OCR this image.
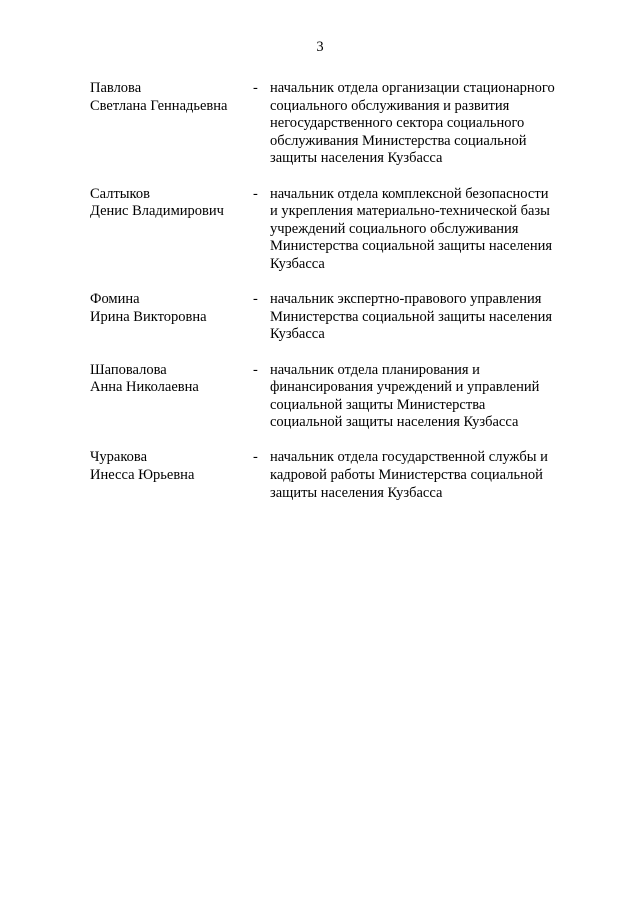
3
Павлова
Светлана Геннадьевна
- начальник отдела организации стационарного
социального обслуживания и развития
негосударственного сектора социального
обслуживания Министерства социальной
защиты населения Кузбасса
Салтыков
Денис Владимирович
- начальник отдела комплексной безопасности
и укрепления материально-технической базы
учреждений социального обслуживания
Министерства социальной защиты населения
Кузбасса
Фомина
Ирина Викторовна
- начальник экспертно-правового управления
Министерства социальной защиты населения
Кузбасса
Шаповалова
Анна Николаевна
- начальник отдела планирования и
финансирования учреждений и управлений
социальной защиты Министерства
социальной защиты населения Кузбасса
Чуракова
Инесса Юрьевна
- начальник отдела государственной службы и
кадровой работы Министерства социальной
защиты населения Кузбасса
